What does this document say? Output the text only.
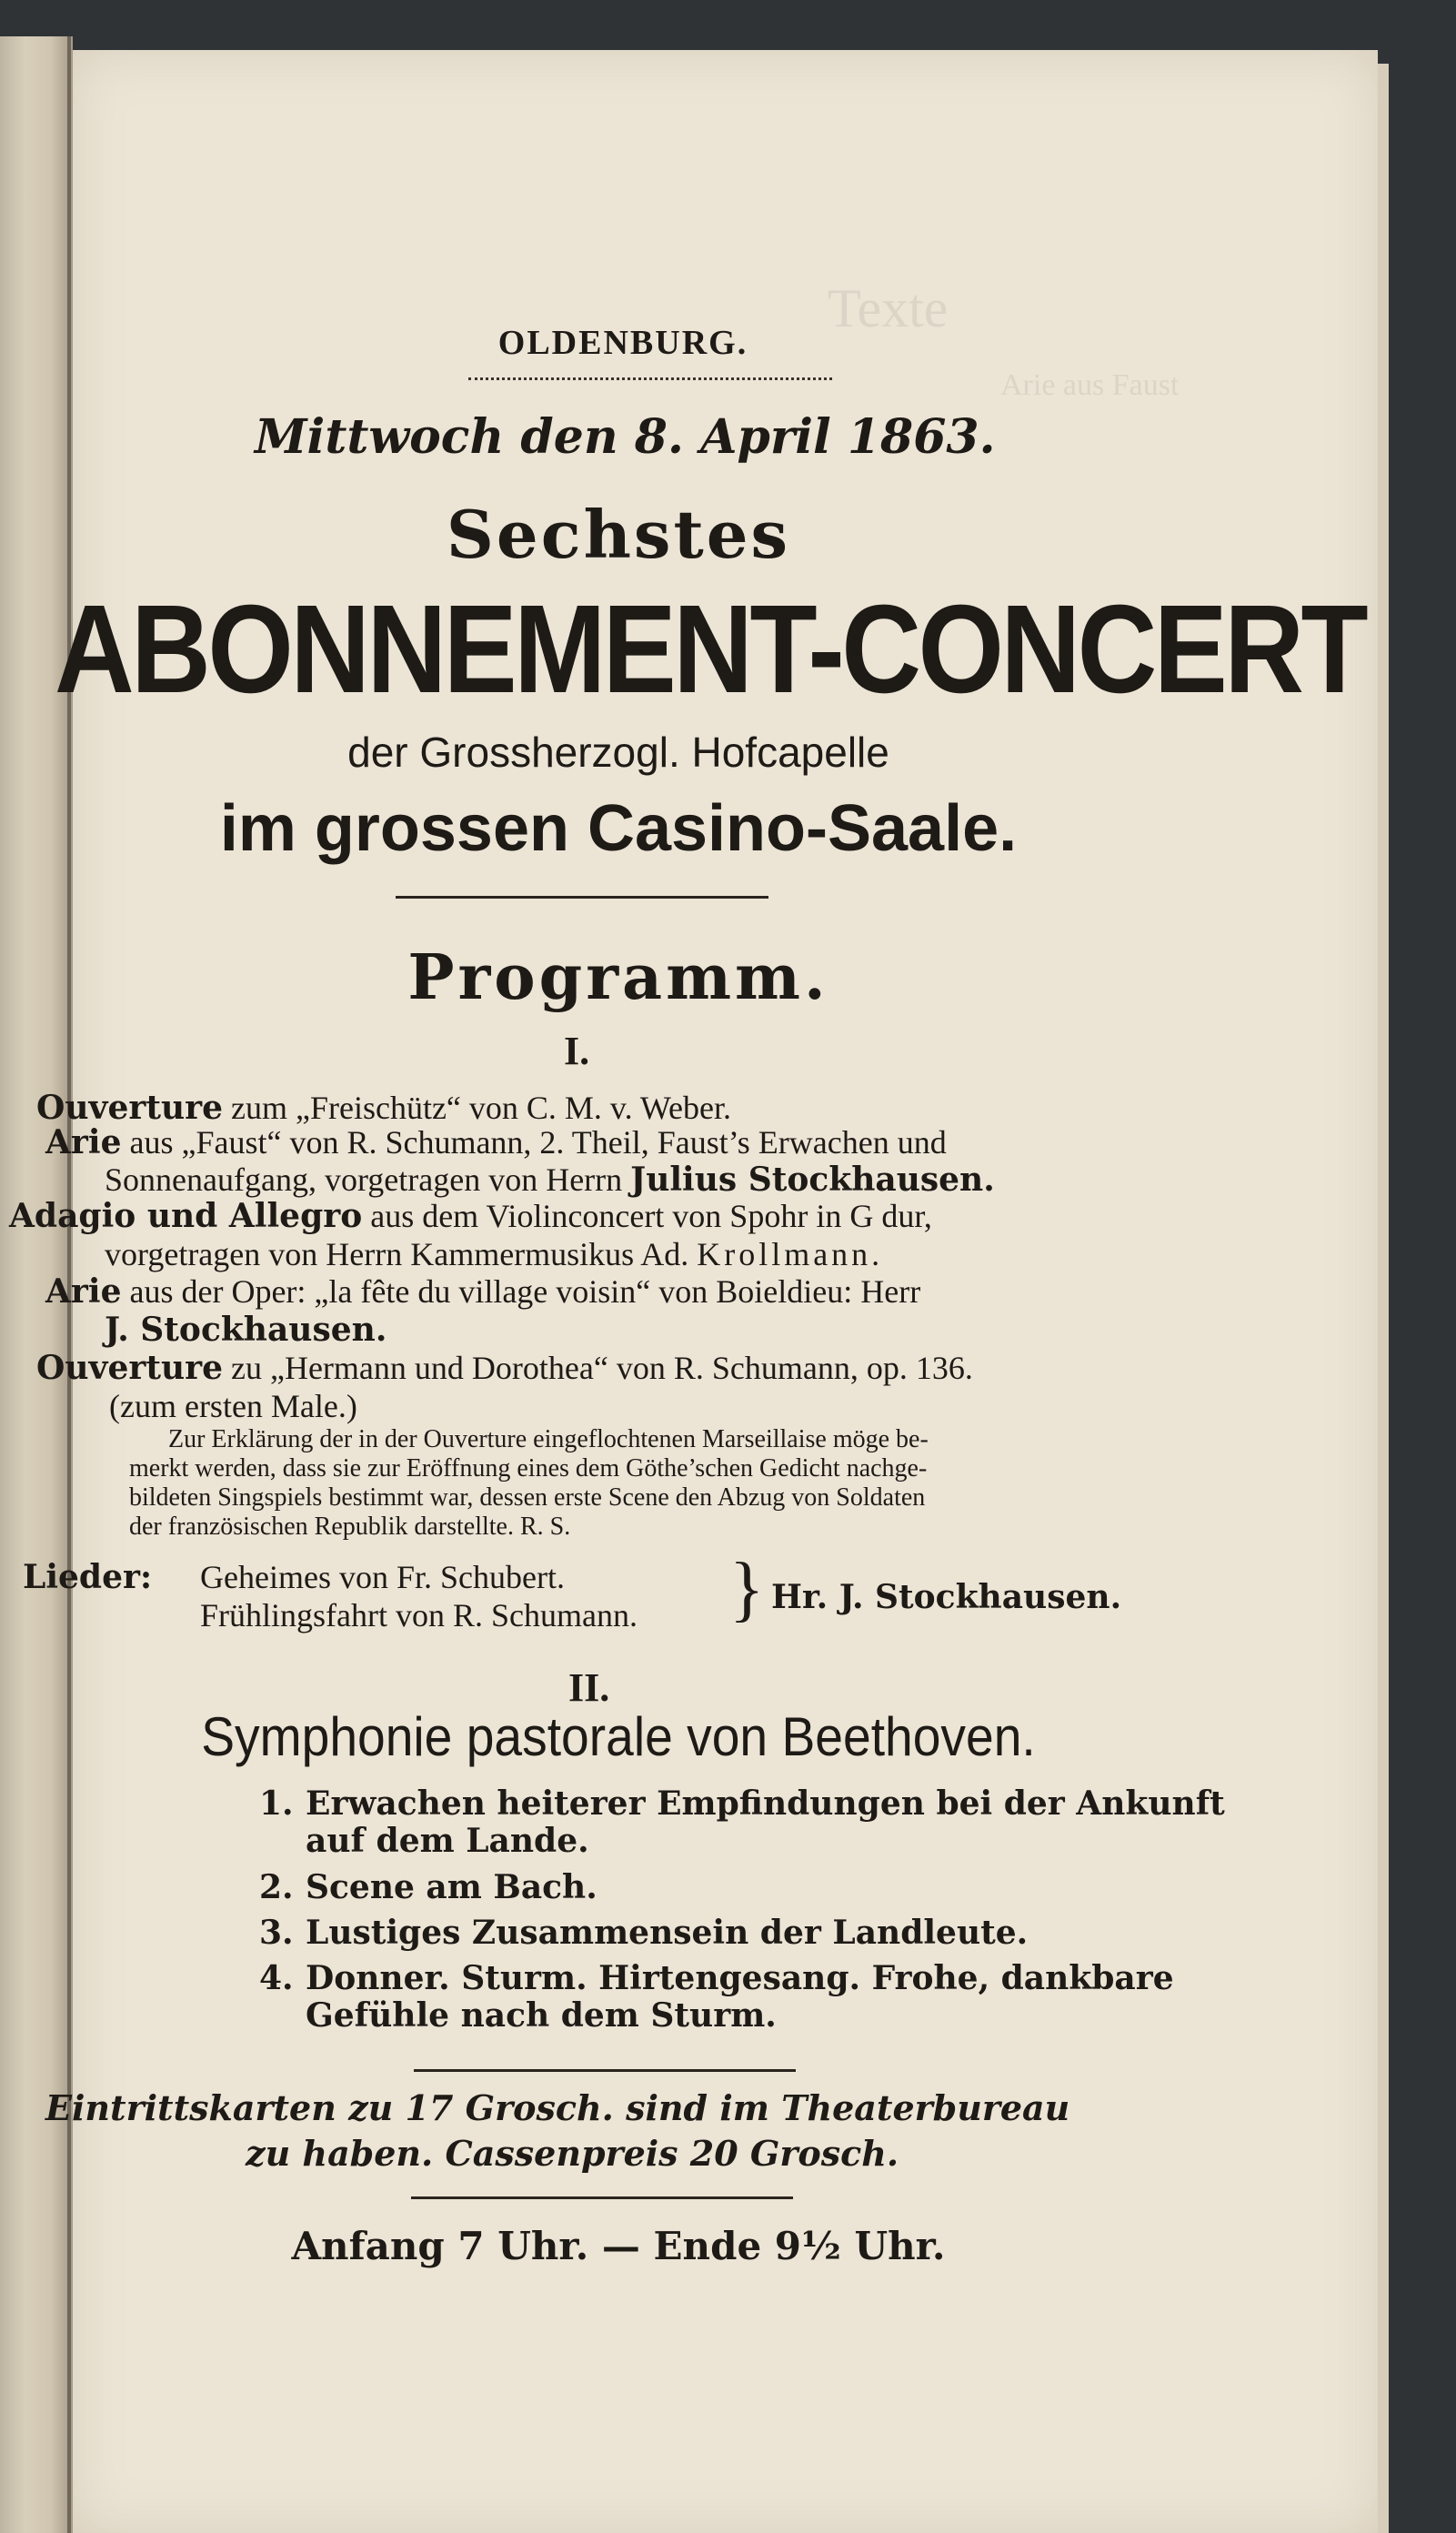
Texte
Arie aus Faust
OLDENBURG.
Mittwoch den 8. April 1863.
Sechstes
ABONNEMENT-CONCERT
der Grossherzogl. Hofcapelle
im grossen Casino-Saale.
Programm.
I.
Ouverture zum „Freischütz“ von C. M. v. Weber.
Arie aus „Faust“ von R. Schumann, 2. Theil, Faust’s Erwachen und
Sonnenaufgang, vorgetragen von Herrn Julius Stockhausen.
Adagio und Allegro aus dem Violinconcert von Spohr in G dur,
vorgetragen von Herrn Kammermusikus Ad. Krollmann.
Arie aus der Oper: „la fête du village voisin“ von Boieldieu: Herr
J. Stockhausen.
Ouverture zu „Hermann und Dorothea“ von R. Schumann, op. 136.
(zum ersten Male.)
Zur Erklärung der in der Ouverture eingeflochtenen Marseillaise möge be-
merkt werden, dass sie zur Eröffnung eines dem Göthe’schen Gedicht nachge-
bildeten Singspiels bestimmt war, dessen erste Scene den Abzug von Soldaten
der französischen Republik darstellte. R. S.
Lieder: Geheimes von Fr. Schubert.
Frühlingsfahrt von R. Schumann. } Hr. J. Stockhausen.
II.
Symphonie pastorale von Beethoven.
1. Erwachen heiterer Empfindungen bei der Ankunft
auf dem Lande.
2. Scene am Bach.
3. Lustiges Zusammensein der Landleute.
4. Donner. Sturm. Hirtengesang. Frohe, dankbare
Gefühle nach dem Sturm.
Eintrittskarten zu 17 Grosch. sind im Theaterbureau
zu haben. Cassenpreis 20 Grosch.
Anfang 7 Uhr. — Ende 9½ Uhr.
